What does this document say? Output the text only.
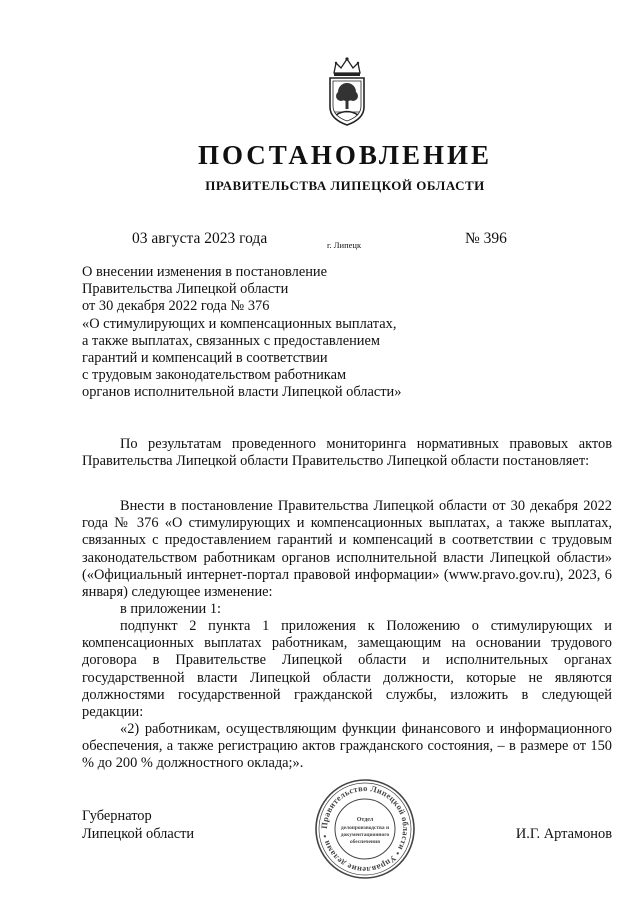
ПОСТАНОВЛЕНИЕ
ПРАВИТЕЛЬСТВА ЛИПЕЦКОЙ ОБЛАСТИ
03 августа 2023 года	г. Липецк	№ 396
О внесении изменения в постановление
Правительства Липецкой области
от 30 декабря 2022 года № 376
«О стимулирующих и компенсационных выплатах,
а также выплатах, связанных с предоставлением
гарантий и компенсаций в соответствии
с трудовым законодательством работникам
органов исполнительной власти Липецкой области»

По результатам проведенного мониторинга нормативных правовых актов Правительства Липецкой области Правительство Липецкой области постановляет:

Внести в постановление Правительства Липецкой области от 30 декабря 2022 года № 376 «О стимулирующих и компенсационных выплатах, а также выплатах, связанных с предоставлением гарантий и компенсаций в соответствии с трудовым законодательством работникам органов исполнительной власти Липецкой области» («Официальный интернет-портал правовой информации» (www.pravo.gov.ru), 2023, 6 января) следующее изменение:

в приложении 1:

подпункт 2 пункта 1 приложения к Положению о стимулирующих и компенсационных выплатах работникам, замещающим на основании трудового договора в Правительстве Липецкой области и исполнительных органах государственной власти Липецкой области должности, которые не являются должностями государственной гражданской службы, изложить в следующей редакции:

«2) работникам, осуществляющим функции финансового и информационного обеспечения, а также регистрацию актов гражданского состояния, – в размере от 150 % до 200 % должностного оклада;».

Губернатор
Липецкой области	И.Г. Артамонов
Правительство Липецкой области • Управление делами •
Отдел
делопроизводства и
документационного
обеспечения
